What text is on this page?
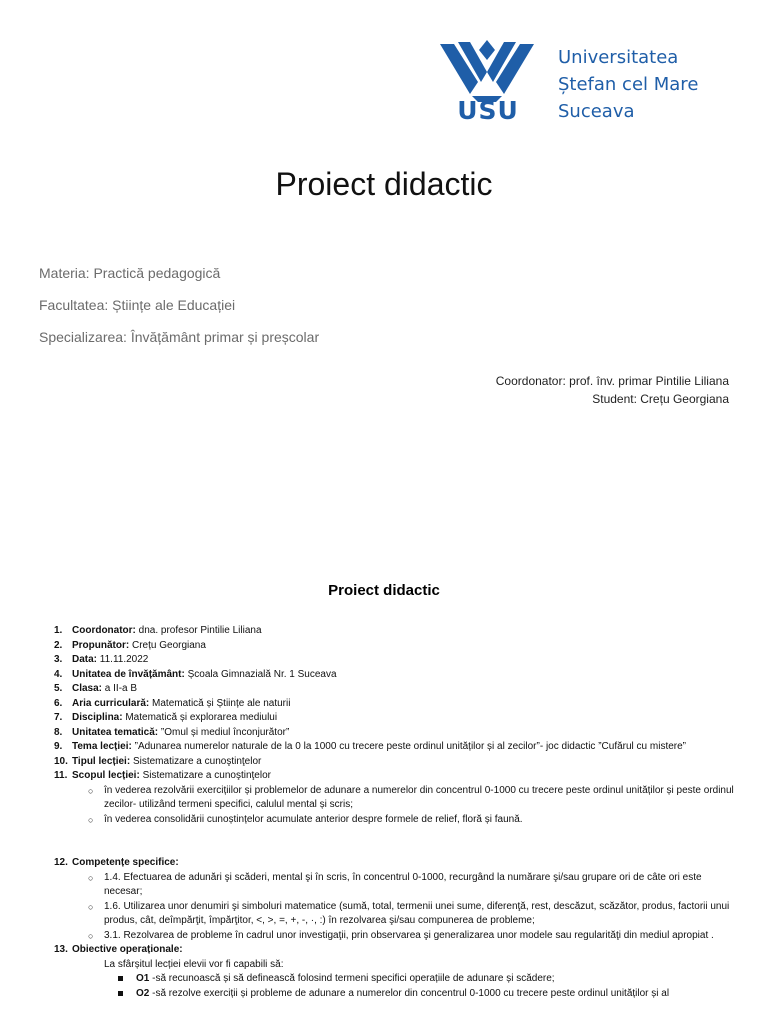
USU
Universitatea
Ștefan cel Mare
Suceava
Proiect didactic
Materia: Practică pedagogică
Facultatea: Științe ale Educației
Specializarea: Învățământ primar și preșcolar
Coordonator: prof. înv. primar Pintilie Liliana
Student: Crețu Georgiana
Proiect didactic
1. Coordonator: dna. profesor Pintilie Liliana
2. Propunător: Crețu Georgiana
3. Data: 11.11.2022
4. Unitatea de învățământ: Școala Gimnazială Nr. 1 Suceava
5. Clasa: a II-a B
6. Aria curriculară: Matematică și Științe ale naturii
7. Disciplina: Matematică și explorarea mediului
8. Unitatea tematică: ”Omul și mediul înconjurător”
9. Tema lecției: ”Adunarea numerelor naturale de la 0 la 1000 cu trecere peste ordinul unităților și al zecilor”- joc didactic ”Cufărul cu mistere”
10. Tipul lecției: Sistematizare a cunoştinţelor
11. Scopul lecției: Sistematizare a cunoştinţelor
○ în vederea rezolvării exercițiilor și problemelor de adunare a numerelor din concentrul 0-1000 cu trecere peste ordinul unităților și peste ordinul zecilor- utilizând termeni specifici, calulul mental și scris;
○ în vederea consolidării cunoștințelor acumulate anterior despre formele de relief, floră și faună.
12. Competențe specifice:
○ 1.4. Efectuarea de adunări şi scăderi, mental şi în scris, în concentrul 0-1000, recurgând la numărare şi/sau grupare ori de câte ori este necesar;
○ 1.6. Utilizarea unor denumiri şi simboluri matematice (sumă, total, termenii unei sume, diferenţă, rest, descăzut, scăzător, produs, factorii unui produs, cât, deîmpărţit, împărţitor, <, >, =, +, -, ·, :) în rezolvarea şi/sau compunerea de probleme;
○ 3.1. Rezolvarea de probleme în cadrul unor investigaţii, prin observarea şi generalizarea unor modele sau regularităţi din mediul apropiat .
13. Obiective operaționale:
La sfârșitul lecției elevii vor fi capabili să:
O1 -să recunoască și să definească folosind termeni specifici operațiile de adunare și scădere;
O2 -să rezolve exerciții și probleme de adunare a numerelor din concentrul 0-1000 cu trecere peste ordinul unităților și al
